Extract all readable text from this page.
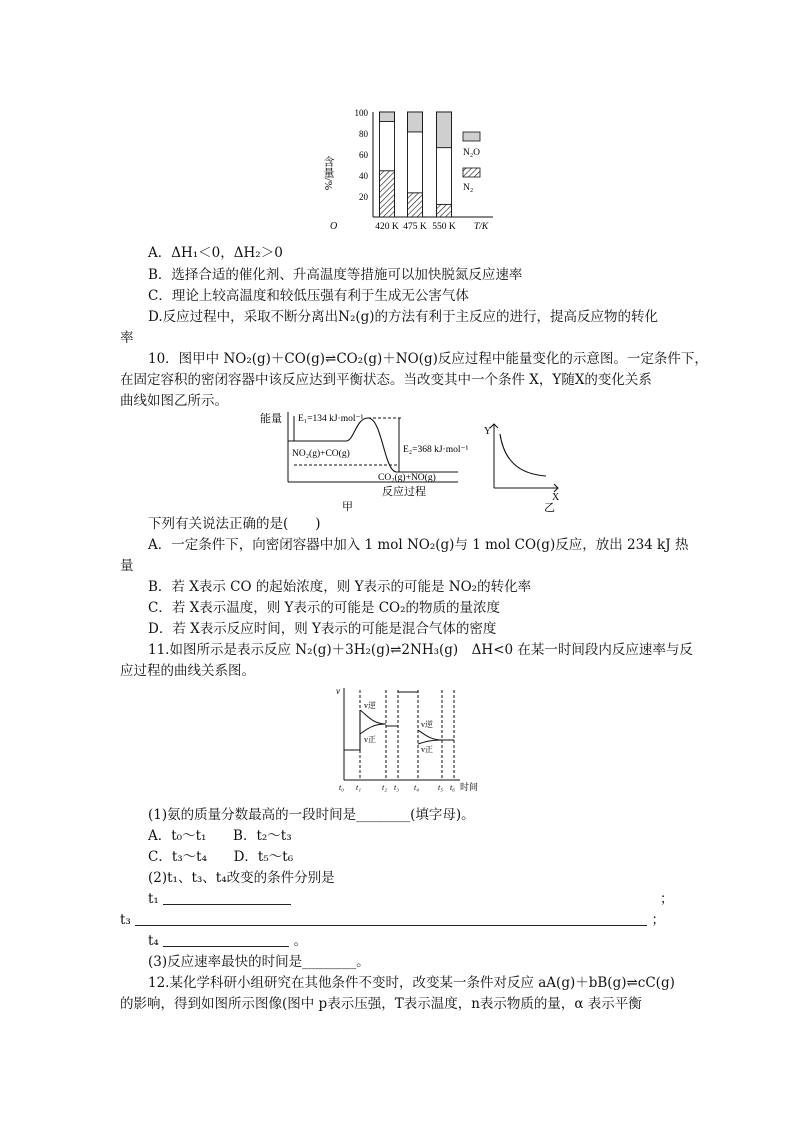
含量/%
100
80
60
40
20
O	420 K 475 K 550 K T/K
N₂O
N₂
A．ΔH₁＜0，ΔH₂＞0
B．选择合适的催化剂、升高温度等措施可以加快脱氮反应速率
C．理论上较高温度和较低压强有利于生成无公害气体
D.反应过程中，采取不断分离出N₂(g)的方法有利于主反应的进行，提高反应物的转化
率
10．图甲中 NO₂(g)＋CO(g)⇌CO₂(g)＋NO(g)反应过程中能量变化的示意图。一定条件下，
在固定容积的密闭容器中该反应达到平衡状态。当改变其中一个条件 X，Y随X的变化关系
曲线如图乙所示。
能量 E₁=134 kJ·mol⁻¹
E₂=368 kJ·mol⁻¹
NO₂(g)+CO(g)
CO₂(g)+NO(g)
反应过程
甲
Y
X
乙
下列有关说法正确的是(　　)
A．一定条件下，向密闭容器中加入 1 mol NO₂(g)与 1 mol CO(g)反应，放出 234 kJ 热
量
B．若 X表示 CO 的起始浓度，则 Y表示的可能是 NO₂的转化率
C．若 X表示温度，则 Y表示的可能是 CO₂的物质的量浓度
D．若 X表示反应时间，则 Y表示的可能是混合气体的密度
11.如图所示是表示反应 N₂(g)＋3H₂(g)⇌2NH₃(g)　ΔH<0 在某一时间段内反应速率与反
应过程的曲线关系图。
v
v逆
v正
v逆
v正
t₀ t₁	t₂ t₃ t₄ t₅ t₆ 时间
(1)氨的质量分数最高的一段时间是________(填字母)。
A．t₀～t₁ B．t₂～t₃
C．t₃～t₄ D．t₅～t₆
(2)t₁、t₃、t₄改变的条件分别是
t₁	；
t₃	；
t₄	。
(3)反应速率最快的时间是________。
12.某化学科研小组研究在其他条件不变时，改变某一条件对反应 aA(g)＋bB(g)⇌cC(g)
的影响，得到如图所示图像(图中 p表示压强，T表示温度，n表示物质的量，α 表示平衡
